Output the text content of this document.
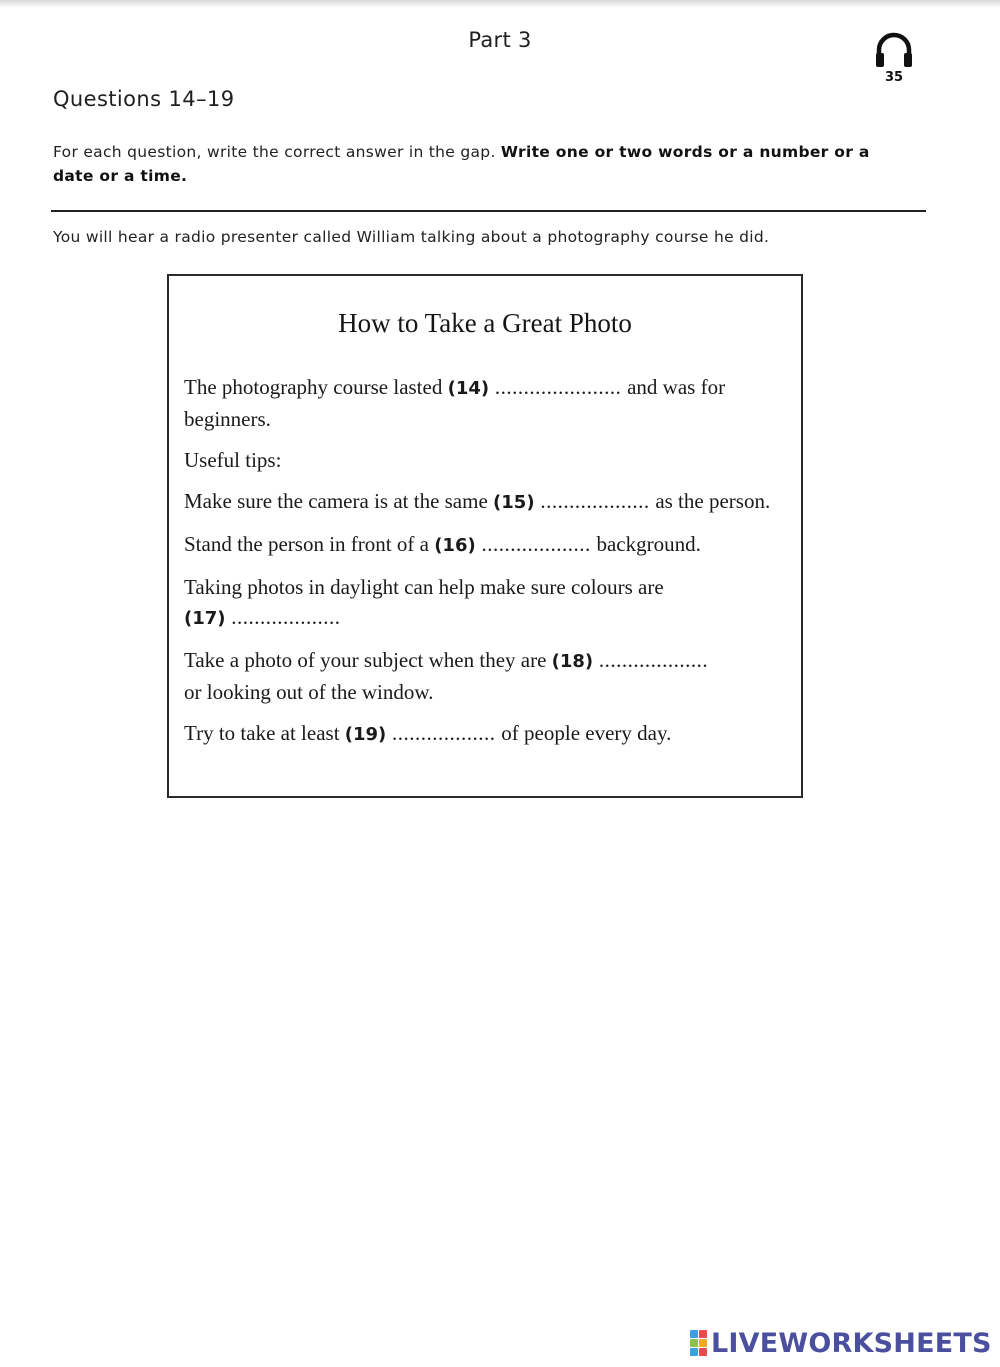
Part 3
35
Questions 14–19
For each question, write the correct answer in the gap. Write one or two words or a number or a date or a time.
You will hear a radio presenter called William talking about a photography course he did.
How to Take a Great Photo

The photography course lasted (14) ...................... and was for beginners.

Useful tips:

Make sure the camera is at the same (15) ................... as the person.

Stand the person in front of a (16) ................... background.

Taking photos in daylight can help make sure colours are
(17) ...................

Take a photo of your subject when they are (18) ...................
or looking out of the window.

Try to take at least (19) .................. of people every day.

LIVEWORKSHEETS
